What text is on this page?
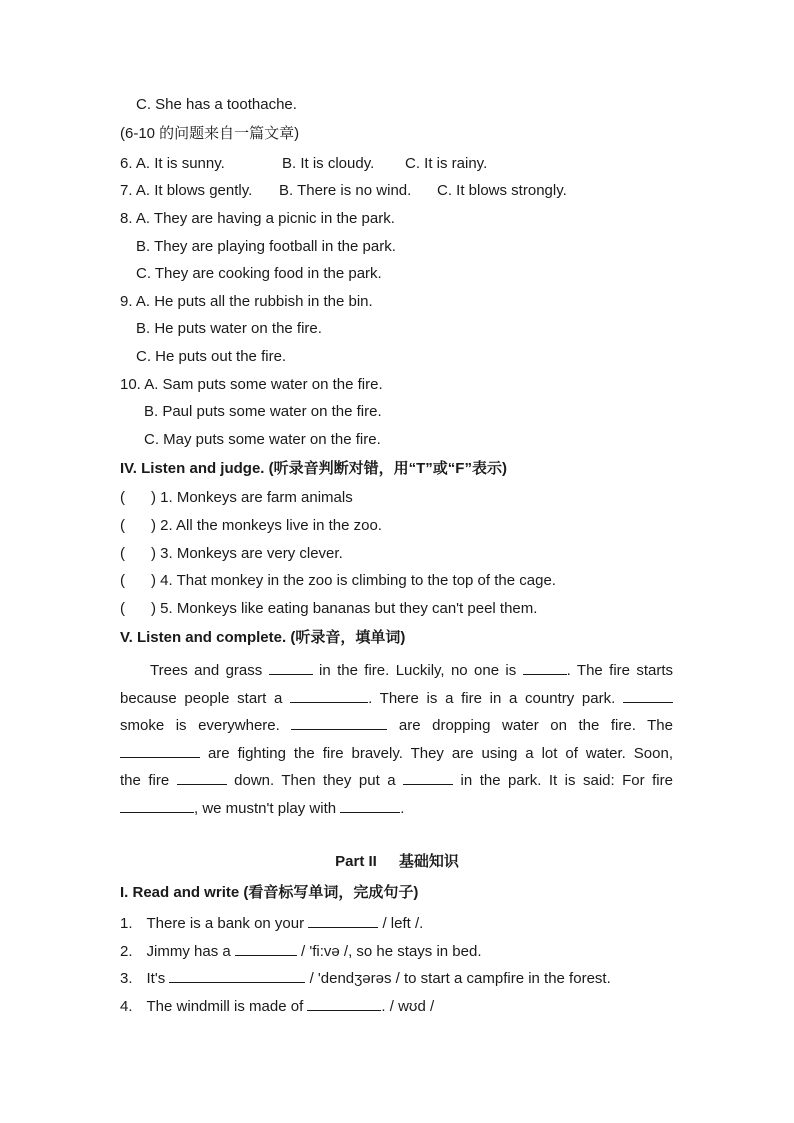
C. She has a toothache.
(6-10 的问题来自一篇文章)
6. A. It is sunny.	B. It is cloudy. C. It is rainy.
7. A. It blows gently. B. There is no wind. C. It blows strongly.
8. A. They are having a picnic in the park.
B. They are playing football in the park.
C. They are cooking food in the park.
9. A. He puts all the rubbish in the bin.
B. He puts water on the fire.
C. He puts out the fire.
10. A. Sam puts some water on the fire.
B. Paul puts some water on the fire.
C. May puts some water on the fire.
IV. Listen and judge. (听录音判断对错，用“T”或“F”表示)
( ) 1. Monkeys are farm animals
( ) 2. All the monkeys live in the zoo.
( ) 3. Monkeys are very clever.
( ) 4. That monkey in the zoo is climbing to the top of the cage.
( ) 5. Monkeys like eating bananas but they can't peel them.
V. Listen and complete. (听录音，填单词)
Trees and grass	in the fire. Luckily, no one is	. The fire starts
because people start a	. There is a fire in a country park.
smoke is everywhere.	are dropping water on the fire. The
are fighting the fire bravely. They are using a lot of water. Soon,
the fire	down. Then they put a	in the park. It is said: For fire
, we mustn't play with	.
Part II 基础知识
I. Read and write (看音标写单词，完成句子)
1. There is a bank on your	/ left /.
2. Jimmy has a	/ 'fi:və /, so he stays in bed.
3. It's	/ 'dendʒərəs / to start a campfire in the forest.
4. The windmill is made of	. / wʊd /
